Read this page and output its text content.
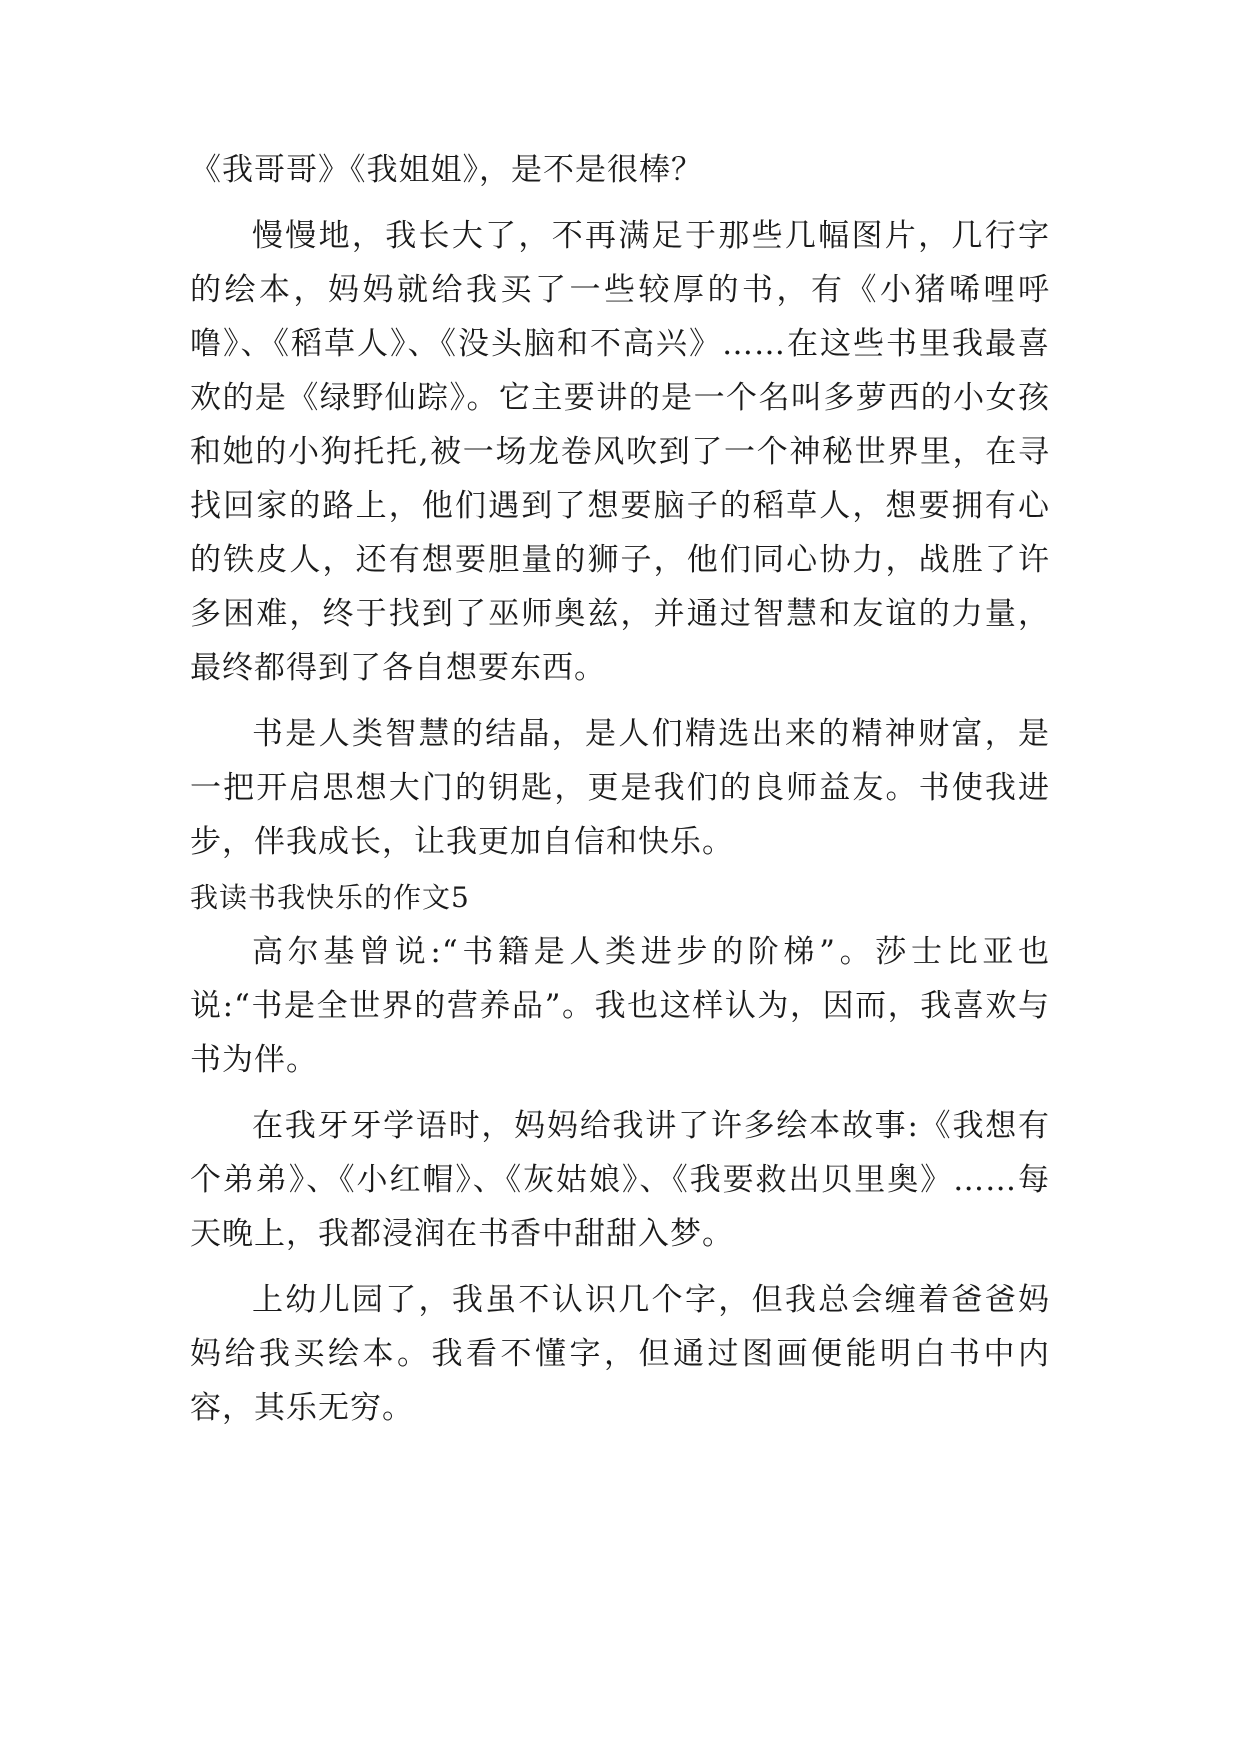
《我哥哥》《我姐姐》，是不是很棒？

慢慢地，我长大了，不再满足于那些几幅图片，几行字的绘本，妈妈就给我买了一些较厚的书，有《小猪唏哩呼噜》、《稻草人》、《没头脑和不高兴》……在这些书里我最喜欢的是《绿野仙踪》。它主要讲的是一个名叫多萝西的小女孩和她的小狗托托,被一场龙卷风吹到了一个神秘世界里，在寻找回家的路上，他们遇到了想要脑子的稻草人，想要拥有心的铁皮人，还有想要胆量的狮子，他们同心协力，战胜了许多困难，终于找到了巫师奥兹，并通过智慧和友谊的力量，最终都得到了各自想要东西。

书是人类智慧的结晶，是人们精选出来的精神财富，是一把开启思想大门的钥匙，更是我们的良师益友。书使我进步，伴我成长，让我更加自信和快乐。

我读书我快乐的作文5

高尔基曾说:“书籍是人类进步的阶梯”。莎士比亚也说:“书是全世界的营养品”。我也这样认为，因而，我喜欢与书为伴。

在我牙牙学语时，妈妈给我讲了许多绘本故事:《我想有个弟弟》、《小红帽》、《灰姑娘》、《我要救出贝里奥》……每天晚上，我都浸润在书香中甜甜入梦。

上幼儿园了，我虽不认识几个字，但我总会缠着爸爸妈妈给我买绘本。我看不懂字，但通过图画便能明白书中内容，其乐无穷。
